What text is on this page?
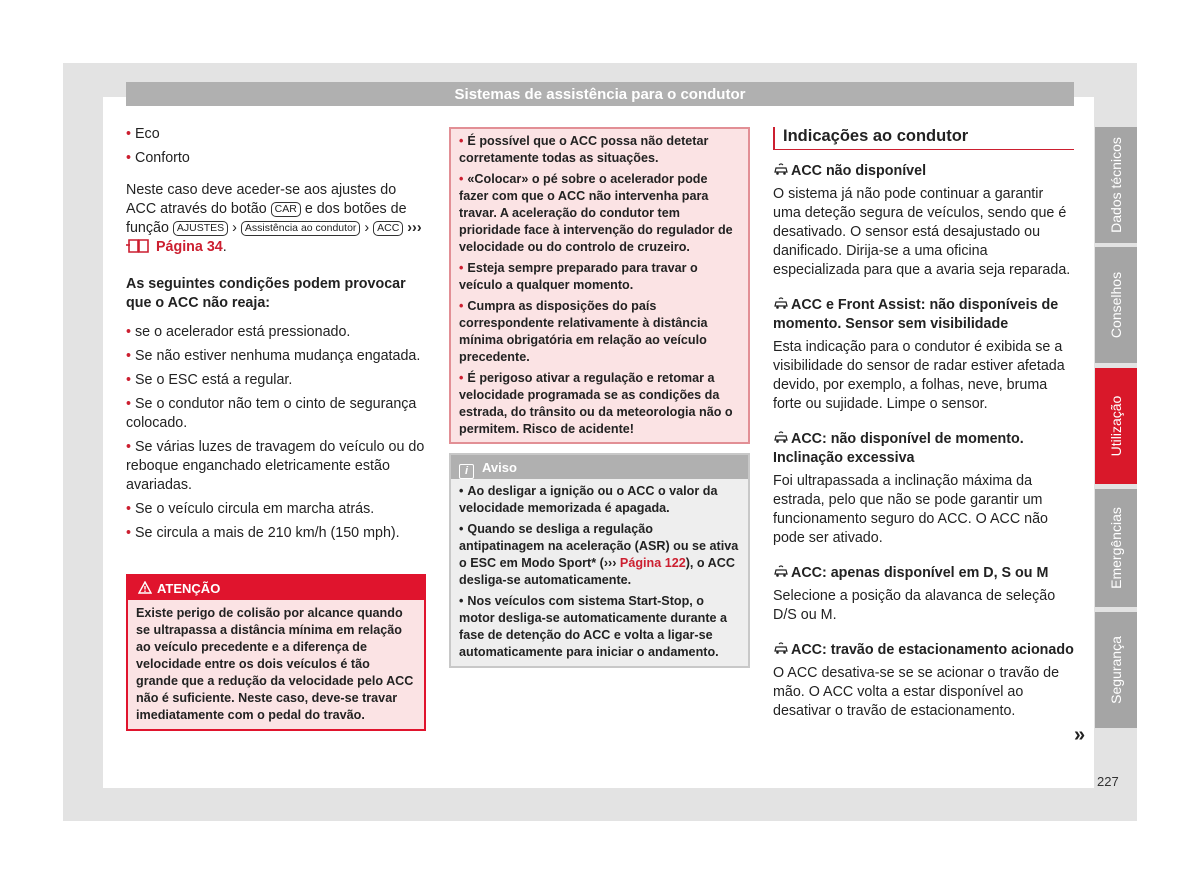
Sistemas de assistência para o condutor
• Eco
• Conforto

Neste caso deve aceder-se aos ajustes do ACC através do botão CAR e dos botões de função AJUSTES › Assistência ao condutor › ACC ›››  Página 34.

As seguintes condições podem provocar que o ACC não reaja:

• se o acelerador está pressionado.
• Se não estiver nenhuma mudança engatada.
• Se o ESC está a regular.
• Se o condutor não tem o cinto de segurança colocado.
• Se várias luzes de travagem do veículo ou do reboque enganchado eletricamente estão avariadas.
• Se o veículo circula em marcha atrás.
• Se circula a mais de 210 km/h (150 mph).
ATENÇÃO
Existe perigo de colisão por alcance quando se ultrapassa a distância mínima em relação ao veículo precedente e a diferença de velocidade entre os dois veículos é tão grande que a redução da velocidade pelo ACC não é suficiente. Neste caso, deve-se travar imediatamente com o pedal do travão.

• É possível que o ACC possa não detetar corretamente todas as situações.

• «Colocar» o pé sobre o acelerador pode fazer com que o ACC não intervenha para travar. A aceleração do condutor tem prioridade face à intervenção do regulador de velocidade ou do controlo de cruzeiro.

• Esteja sempre preparado para travar o veículo a qualquer momento.

• Cumpra as disposições do país correspondente relativamente à distância mínima obrigatória em relação ao veículo precedente.

• É perigoso ativar a regulação e retomar a velocidade programada se as condições da estrada, do trânsito ou da meteorologia não o permitem. Risco de acidente!

i Aviso

• Ao desligar a ignição ou o ACC o valor da velocidade memorizada é apagada.

• Quando se desliga a regulação antipatinagem na aceleração (ASR) ou se ativa o ESC em Modo Sport* (››› Página 122), o ACC desliga-se automaticamente.

• Nos veículos com sistema Start-Stop, o motor desliga-se automaticamente durante a fase de detenção do ACC e volta a ligar-se automaticamente para iniciar o andamento.

Indicações ao condutor
ACC não disponível

O sistema já não pode continuar a garantir uma deteção segura de veículos, sendo que é desativado. O sensor está desajustado ou danificado. Dirija-se a uma oficina especializada para que a avaria seja reparada.

ACC e Front Assist: não disponíveis de momento. Sensor sem visibilidade

Esta indicação para o condutor é exibida se a visibilidade do sensor de radar estiver afetada devido, por exemplo, a folhas, neve, bruma forte ou sujidade. Limpe o sensor.

ACC: não disponível de momento. Inclinação excessiva

Foi ultrapassada a inclinação máxima da estrada, pelo que não se pode garantir um funcionamento seguro do ACC. O ACC não pode ser ativado.

ACC: apenas disponível em D, S ou M

Selecione a posição da alavanca de seleção D/S ou M.

ACC: travão de estacionamento acionado

O ACC desativa-se se se acionar o travão de mão. O ACC volta a estar disponível ao desativar o travão de estacionamento.

»
Dados técnicos
Conselhos
Utilização
Emergências
Segurança
227
